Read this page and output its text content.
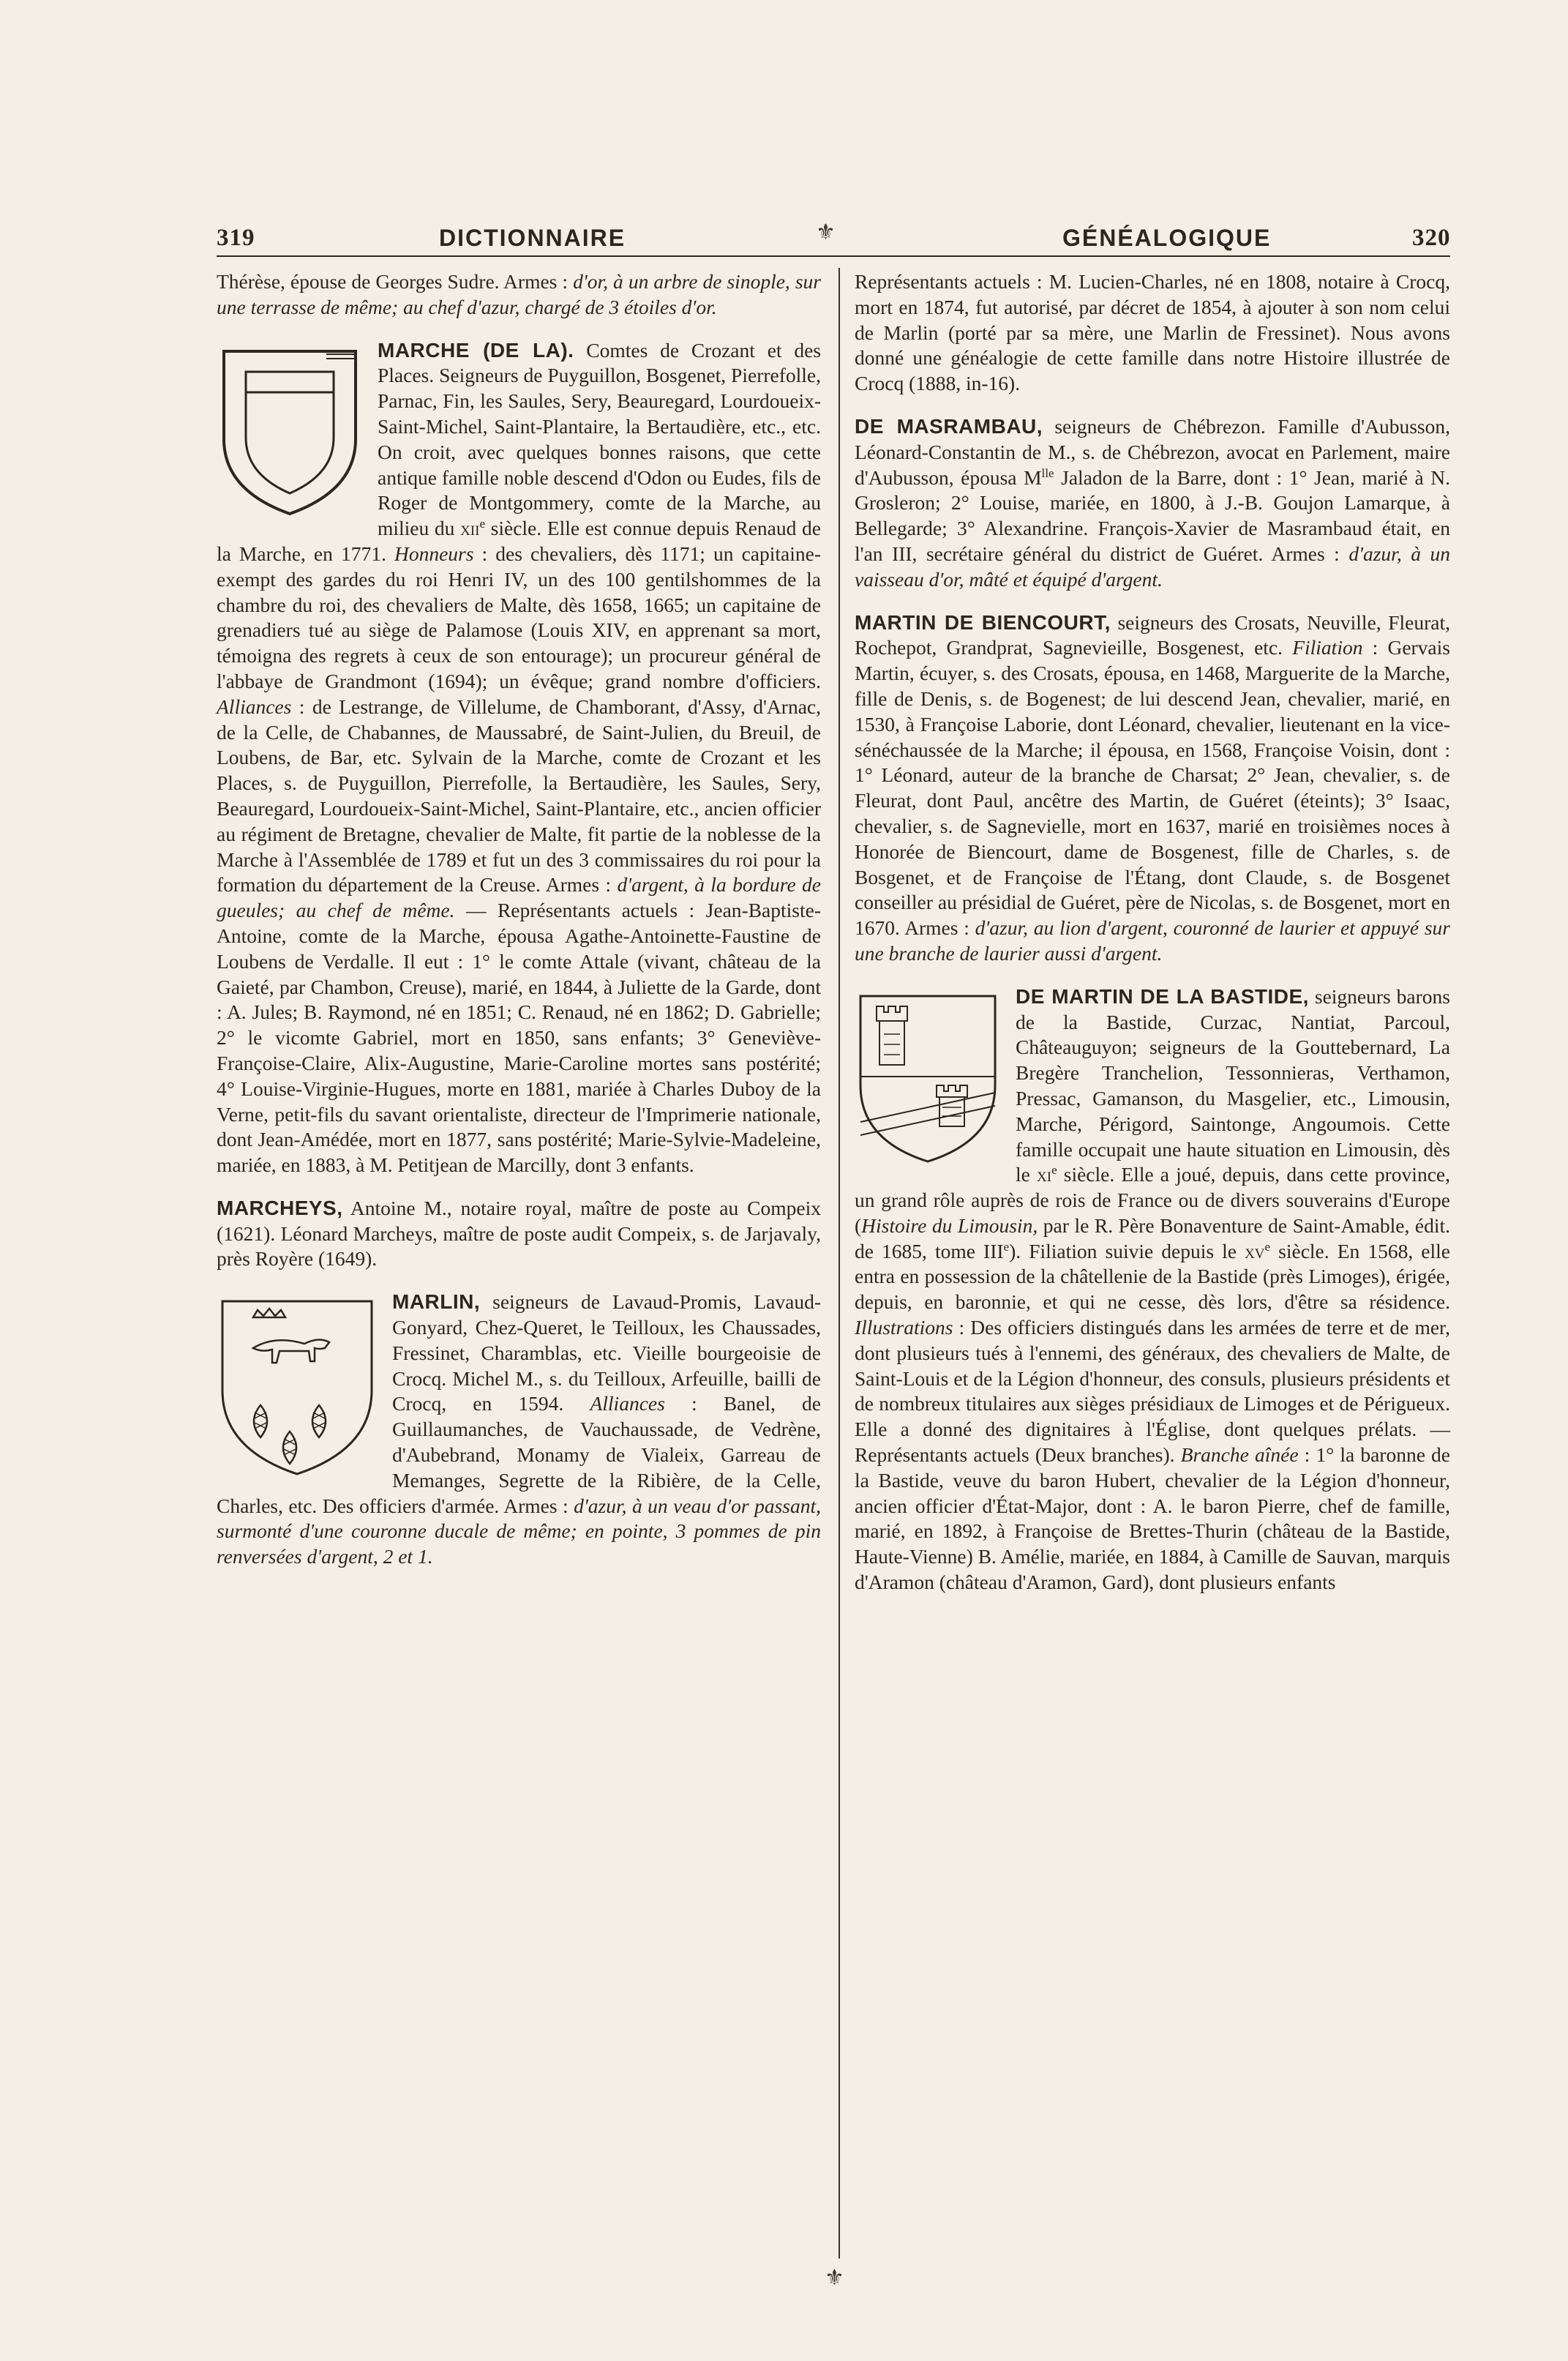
319	DICTIONNAIRE	⚜	GÉNÉALOGIQUE	320
⚜

Thérèse, épouse de Georges Sudre. Armes : d'or, à un arbre de sinople, sur une terrasse de même; au chef d'azur, chargé de 3 étoiles d'or.

MARCHE (DE LA). Comtes de Crozant et des Places. Seigneurs de Puyguillon, Bosgenet, Pierrefolle, Parnac, Fin, les Saules, Sery, Beauregard, Lourdoueix-Saint-Michel, Saint-Plantaire, la Bertaudière, etc., etc. On croit, avec quelques bonnes raisons, que cette antique famille noble descend d'Odon ou Eudes, fils de Roger de Montgommery, comte de la Marche, au milieu du xii$^e$ siècle. Elle est connue depuis Renaud de la Marche, en 1771. Honneurs : des chevaliers, dès 1171; un capitaine-exempt des gardes du roi Henri IV, un des 100 gentilshommes de la chambre du roi, des chevaliers de Malte, dès 1658, 1665; un capitaine de grenadiers tué au siège de Palamose (Louis XIV, en apprenant sa mort, témoigna des regrets à ceux de son entourage); un procureur général de l'abbaye de Grandmont (1694); un évêque; grand nombre d'officiers. Alliances : de Lestrange, de Villelume, de Chamborant, d'Assy, d'Arnac, de la Celle, de Chabannes, de Maussabré, de Saint-Julien, du Breuil, de Loubens, de Bar, etc. Sylvain de la Marche, comte de Crozant et les Places, s. de Puyguillon, Pierrefolle, la Bertaudière, les Saules, Sery, Beauregard, Lourdoueix-Saint-Michel, Saint-Plantaire, etc., ancien officier au régiment de Bretagne, chevalier de Malte, fit partie de la noblesse de la Marche à l'Assemblée de 1789 et fut un des 3 commissaires du roi pour la formation du département de la Creuse. Armes : d'argent, à la bordure de gueules; au chef de même. — Représentants actuels : Jean-Baptiste-Antoine, comte de la Marche, épousa Agathe-Antoinette-Faustine de Loubens de Verdalle. Il eut : 1° le comte Attale (vivant, château de la Gaieté, par Chambon, Creuse), marié, en 1844, à Juliette de la Garde, dont : A. Jules; B. Raymond, né en 1851; C. Renaud, né en 1862; D. Gabrielle; 2° le vicomte Gabriel, mort en 1850, sans enfants; 3° Geneviève-Françoise-Claire, Alix-Augustine, Marie-Caroline mortes sans postérité; 4° Louise-Virginie-Hugues, morte en 1881, mariée à Charles Duboy de la Verne, petit-fils du savant orientaliste, directeur de l'Imprimerie nationale, dont Jean-Amédée, mort en 1877, sans postérité; Marie-Sylvie-Madeleine, mariée, en 1883, à M. Petitjean de Marcilly, dont 3 enfants.

MARCHEYS, Antoine M., notaire royal, maître de poste au Compeix (1621). Léonard Marcheys, maître de poste audit Compeix, s. de Jarjavaly, près Royère (1649).

MARLIN, seigneurs de Lavaud-Promis, Lavaud-Gonyard, Chez-Queret, le Teilloux, les Chaussades, Fressinet, Charamblas, etc. Vieille bourgeoisie de Crocq. Michel M., s. du Teilloux, Arfeuille, bailli de Crocq, en 1594. Alliances : Banel, de Guillaumanches, de Vauchaussade, de Vedrène, d'Aubebrand, Monamy de Vialeix, Garreau de Memanges, Segrette de la Ribière, de la Celle, Charles, etc. Des officiers d'armée. Armes : d'azur, à un veau d'or passant, surmonté d'une couronne ducale de même; en pointe, 3 pommes de pin renversées d'argent, 2 et 1.

Représentants actuels : M. Lucien-Charles, né en 1808, notaire à Crocq, mort en 1874, fut autorisé, par décret de 1854, à ajouter à son nom celui de Marlin (porté par sa mère, une Marlin de Fressinet). Nous avons donné une généalogie de cette famille dans notre Histoire illustrée de Crocq (1888, in-16).

DE MASRAMBAU, seigneurs de Chébrezon. Famille d'Aubusson, Léonard-Constantin de M., s. de Chébrezon, avocat en Parlement, maire d'Aubusson, épousa $M^{lle}$ Jaladon de la Barre, dont : 1° Jean, marié à N. Grosleron; 2° Louise, mariée, en 1800, à J.-B. Goujon Lamarque, à Bellegarde; 3° Alexandrine. François-Xavier de Masrambaud était, en l'an III, secrétaire général du district de Guéret. Armes : d'azur, à un vaisseau d'or, mâté et équipé d'argent.

MARTIN DE BIENCOURT, seigneurs des Crosats, Neuville, Fleurat, Rochepot, Grandprat, Sagnevieille, Bosgenest, etc. Filiation : Gervais Martin, écuyer, s. des Crosats, épousa, en 1468, Marguerite de la Marche, fille de Denis, s. de Bogenest; de lui descend Jean, chevalier, marié, en 1530, à Françoise Laborie, dont Léonard, chevalier, lieutenant en la vice-sénéchaussée de la Marche; il épousa, en 1568, Françoise Voisin, dont : 1° Léonard, auteur de la branche de Charsat; 2° Jean, chevalier, s. de Fleurat, dont Paul, ancêtre des Martin, de Guéret (éteints); 3° Isaac, chevalier, s. de Sagnevielle, mort en 1637, marié en troisièmes noces à Honorée de Biencourt, dame de Bosgenest, fille de Charles, s. de Bosgenet, et de Françoise de l'Étang, dont Claude, s. de Bosgenet conseiller au présidial de Guéret, père de Nicolas, s. de Bosgenet, mort en 1670. Armes : d'azur, au lion d'argent, couronné de laurier et appuyé sur une branche de laurier aussi d'argent.

DE MARTIN DE LA BASTIDE, seigneurs barons de la Bastide, Curzac, Nantiat, Parcoul, Châteauguyon; seigneurs de la Gouttebernard, La Bregère Tranchelion, Tessonnieras, Verthamon, Pressac, Gamanson, du Masgelier, etc., Limousin, Marche, Périgord, Saintonge, Angoumois. Cette famille occupait une haute situation en Limousin, dès le $xi^e$ siècle. Elle a joué, depuis, dans cette province, un grand rôle auprès de rois de France ou de divers souverains d'Europe (Histoire du Limousin, par le R. Père Bonaventure de Saint-Amable, édit. de 1685, tome IIIe). Filiation suivie depuis le $xv^e$ siècle. En 1568, elle entra en possession de la châtellenie de la Bastide (près Limoges), érigée, depuis, en baronnie, et qui ne cesse, dès lors, d'être sa résidence. Illustrations : Des officiers distingués dans les armées de terre et de mer, dont plusieurs tués à l'ennemi, des généraux, des chevaliers de Malte, de Saint-Louis et de la Légion d'honneur, des consuls, plusieurs présidents et de nombreux titulaires aux sièges présidiaux de Limoges et de Périgueux. Elle a donné des dignitaires à l'Église, dont quelques prélats. — Représentants actuels (Deux branches). Branche aînée : 1° la baronne de la Bastide, veuve du baron Hubert, chevalier de la Légion d'honneur, ancien officier d'État-Major, dont : A. le baron Pierre, chef de famille, marié, en 1892, à Françoise de Brettes-Thurin (château de la Bastide, Haute-Vienne) B. Amélie, mariée, en 1884, à Camille de Sauvan, marquis d'Aramon (château d'Aramon, Gard), dont plusieurs enfants
